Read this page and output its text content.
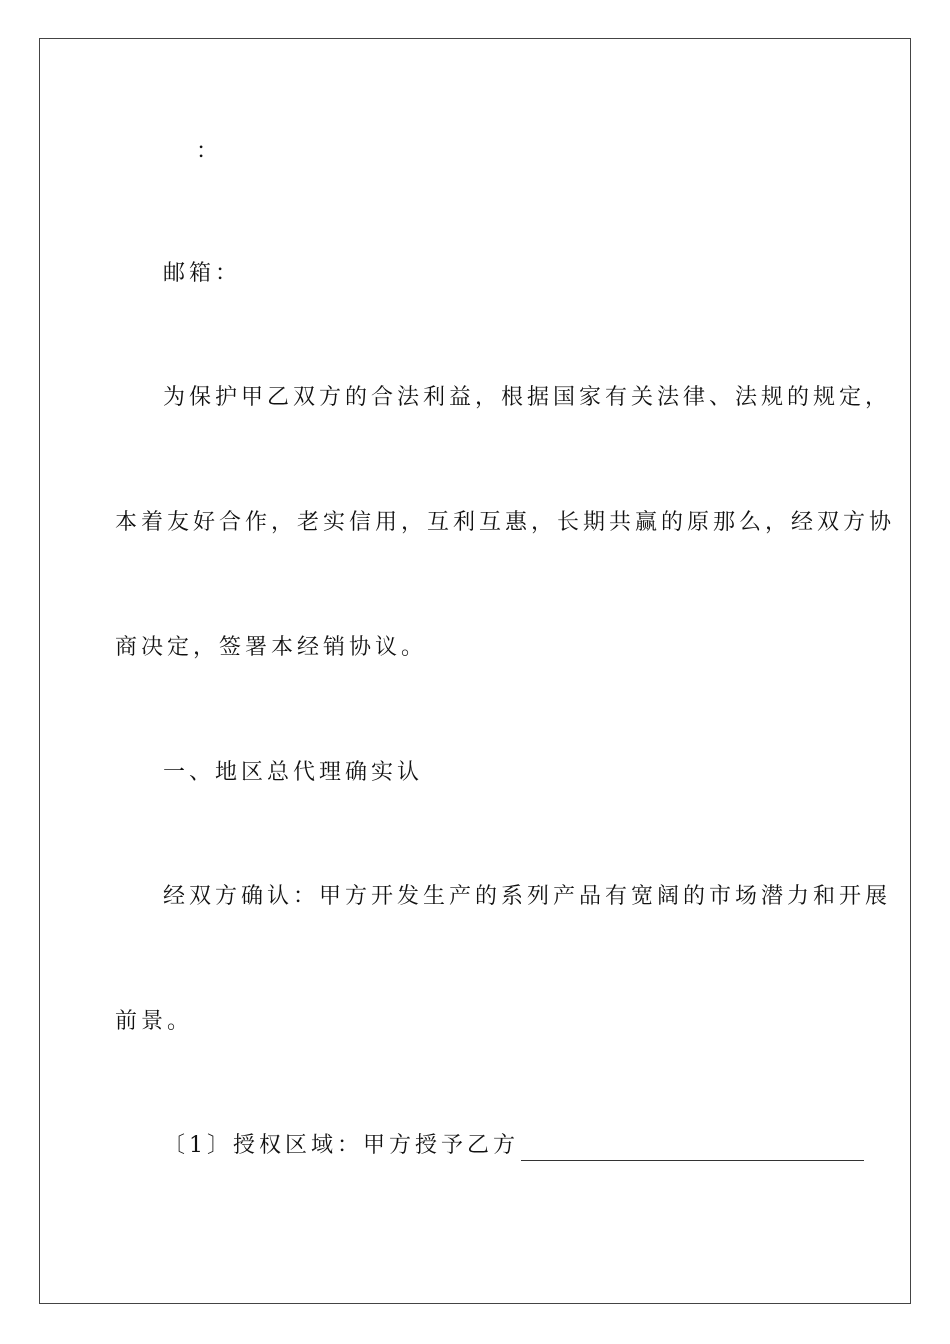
：
邮箱：
为保护甲乙双方的合法利益，根据国家有关法律、法规的规定，
本着友好合作，老实信用，互利互惠，长期共赢的原那么，经双方协
商决定，签署本经销协议。
一、地区总代理确实认
经双方确认：甲方开发生产的系列产品有宽阔的市场潜力和开展
前景。
〔1〕授权区域：甲方授予乙方
